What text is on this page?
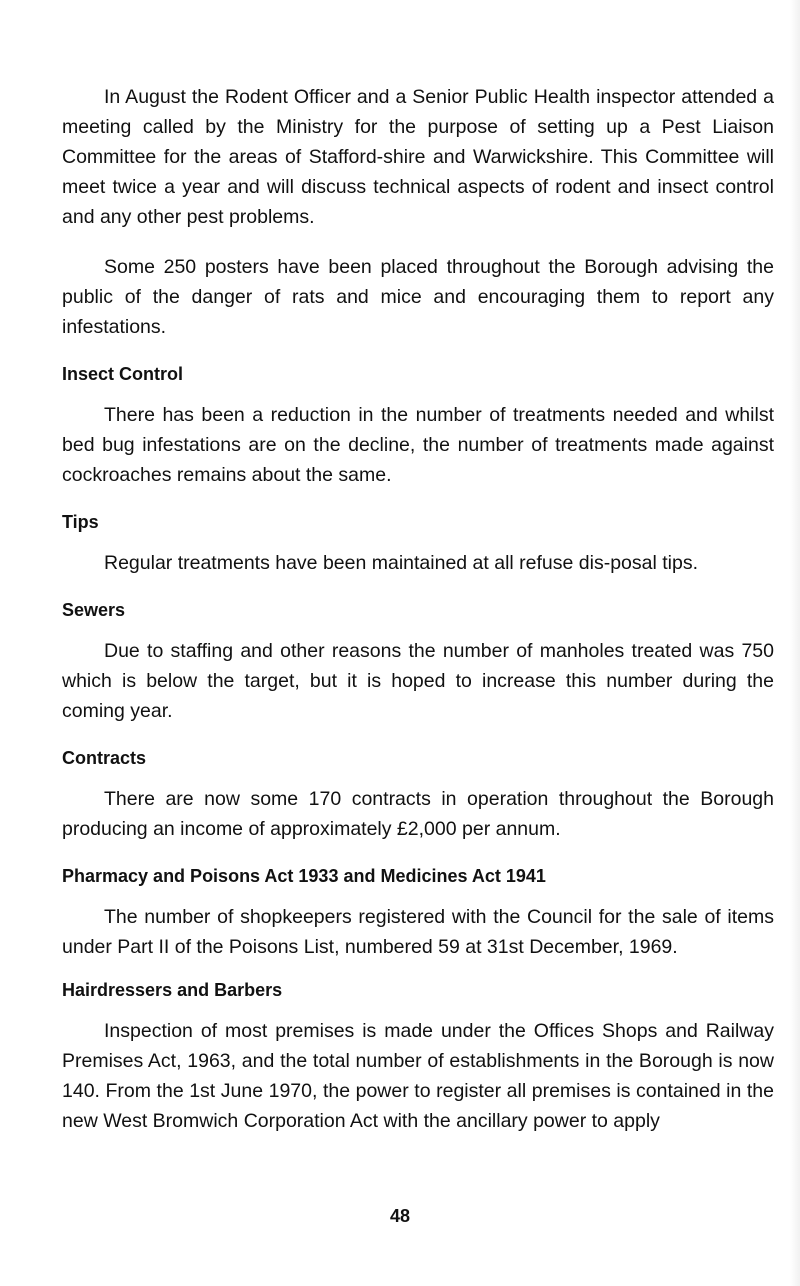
In August the Rodent Officer and a Senior Public Health inspector attended a meeting called by the Ministry for the purpose of setting up a Pest Liaison Committee for the areas of Stafford-shire and Warwickshire. This Committee will meet twice a year and will discuss technical aspects of rodent and insect control and any other pest problems.

Some 250 posters have been placed throughout the Borough advising the public of the danger of rats and mice and encouraging them to report any infestations.

Insect Control

There has been a reduction in the number of treatments needed and whilst bed bug infestations are on the decline, the number of treatments made against cockroaches remains about the same.

Tips

Regular treatments have been maintained at all refuse dis-posal tips.

Sewers

Due to staffing and other reasons the number of manholes treated was 750 which is below the target, but it is hoped to increase this number during the coming year.

Contracts

There are now some 170 contracts in operation throughout the Borough producing an income of approximately £2,000 per annum.

Pharmacy and Poisons Act 1933 and Medicines Act 1941

The number of shopkeepers registered with the Council for the sale of items under Part II of the Poisons List, numbered 59 at 31st December, 1969.

Hairdressers and Barbers

Inspection of most premises is made under the Offices Shops and Railway Premises Act, 1963, and the total number of establishments in the Borough is now 140. From the 1st June 1970, the power to register all premises is contained in the new West Bromwich Corporation Act with the ancillary power to apply

48
